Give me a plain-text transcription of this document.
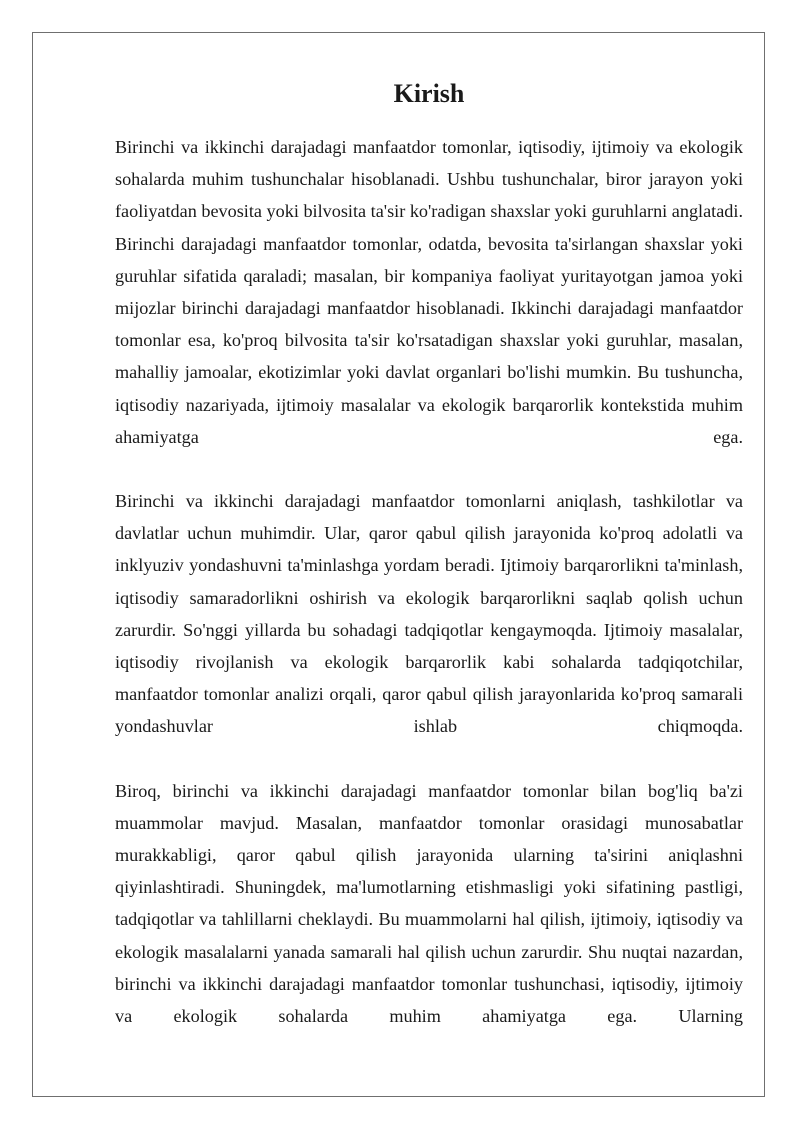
Kirish

Birinchi va ikkinchi darajadagi manfaatdor tomonlar, iqtisodiy, ijtimoiy va ekologik sohalarda muhim tushunchalar hisoblanadi. Ushbu tushunchalar, biror jarayon yoki faoliyatdan bevosita yoki bilvosita ta'sir ko'radigan shaxslar yoki guruhlarni anglatadi. Birinchi darajadagi manfaatdor tomonlar, odatda, bevosita ta'sirlangan shaxslar yoki guruhlar sifatida qaraladi; masalan, bir kompaniya faoliyat yuritayotgan jamoa yoki mijozlar birinchi darajadagi manfaatdor hisoblanadi. Ikkinchi darajadagi manfaatdor tomonlar esa, ko'proq bilvosita ta'sir ko'rsatadigan shaxslar yoki guruhlar, masalan, mahalliy jamoalar, ekotizimlar yoki davlat organlari bo'lishi mumkin. Bu tushuncha, iqtisodiy nazariyada, ijtimoiy masalalar va ekologik barqarorlik kontekstida muhim ahamiyatga ega.

Birinchi va ikkinchi darajadagi manfaatdor tomonlarni aniqlash, tashkilotlar va davlatlar uchun muhimdir. Ular, qaror qabul qilish jarayonida ko'proq adolatli va inklyuziv yondashuvni ta'minlashga yordam beradi. Ijtimoiy barqarorlikni ta'minlash, iqtisodiy samaradorlikni oshirish va ekologik barqarorlikni saqlab qolish uchun zarurdir. So'nggi yillarda bu sohadagi tadqiqotlar kengaymoqda. Ijtimoiy masalalar, iqtisodiy rivojlanish va ekologik barqarorlik kabi sohalarda tadqiqotchilar, manfaatdor tomonlar analizi orqali, qaror qabul qilish jarayonlarida ko'proq samarali yondashuvlar ishlab chiqmoqda.

Biroq, birinchi va ikkinchi darajadagi manfaatdor tomonlar bilan bog'liq ba'zi muammolar mavjud. Masalan, manfaatdor tomonlar orasidagi munosabatlar murakkabligi, qaror qabul qilish jarayonida ularning ta'sirini aniqlashni qiyinlashtiradi. Shuningdek, ma'lumotlarning etishmasligi yoki sifatining pastligi, tadqiqotlar va tahlillarni cheklaydi. Bu muammolarni hal qilish, ijtimoiy, iqtisodiy va ekologik masalalarni yanada samarali hal qilish uchun zarurdir. Shu nuqtai nazardan, birinchi va ikkinchi darajadagi manfaatdor tomonlar tushunchasi, iqtisodiy, ijtimoiy va ekologik sohalarda muhim ahamiyatga ega. Ularning
